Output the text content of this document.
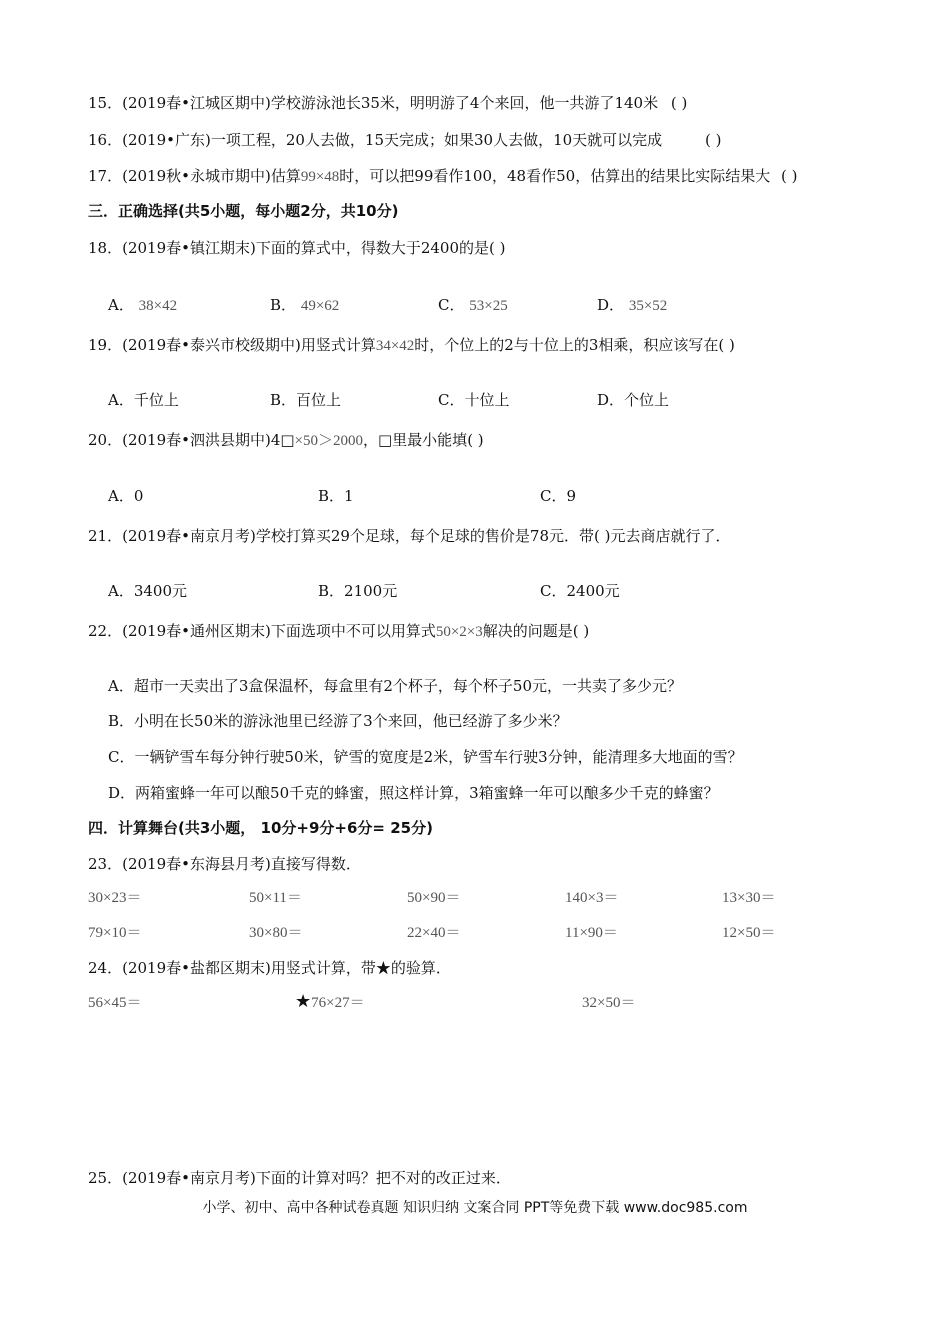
15．(2019春•江城区期中)学校游泳池长35米，明明游了4个来回，他一共游了140米 ( )
16．(2019•广东)一项工程，20人去做，15天完成；如果30人去做，10天就可以完成	( )
17．(2019秋•永城市期中)估算99×48时，可以把99看作100，48看作50，估算出的结果比实际结果大 ( )
三．正确选择(共5小题，每小题2分，共10分)
18．(2019春•镇江期末)下面的算式中，得数大于2400的是( )
A． 38×42	B． 49×62	C． 53×25	D． 35×52
19．(2019春•泰兴市校级期中)用竖式计算34×42时，个位上的2与十位上的3相乘，积应该写在( )
A．千位上	B．百位上	C．十位上	D．个位上
20．(2019春•泗洪县期中)4□×50＞2000，□里最小能填( )
A．0	B．1	C．9
21．(2019春•南京月考)学校打算买29个足球，每个足球的售价是78元．带( )元去商店就行了．
A．3400元	B．2100元	C．2400元
22．(2019春•通州区期末)下面选项中不可以用算式50×2×3解决的问题是( )
A．超市一天卖出了3盒保温杯，每盒里有2个杯子，每个杯子50元，一共卖了多少元？
B．小明在长50米的游泳池里已经游了3个来回，他已经游了多少米？
C．一辆铲雪车每分钟行驶50米，铲雪的宽度是2米，铲雪车行驶3分钟，能清理多大地面的雪？
D．两箱蜜蜂一年可以酿50千克的蜂蜜，照这样计算，3箱蜜蜂一年可以酿多少千克的蜂蜜？
四．计算舞台(共3小题， 10分+9分+6分= 25分)
23．(2019春•东海县月考)直接写得数．
30×23＝	50×11＝	50×90＝	140×3＝	13×30＝
79×10＝	30×80＝	22×40＝	11×90＝	12×50＝
24．(2019春•盐都区期末)用竖式计算，带★的验算．
56×45＝	★76×27＝	32×50＝
25．(2019春•南京月考)下面的计算对吗？把不对的改正过来．
小学、初中、高中各种试卷真题 知识归纳 文案合同 PPT等免费下载 www.doc985.com
